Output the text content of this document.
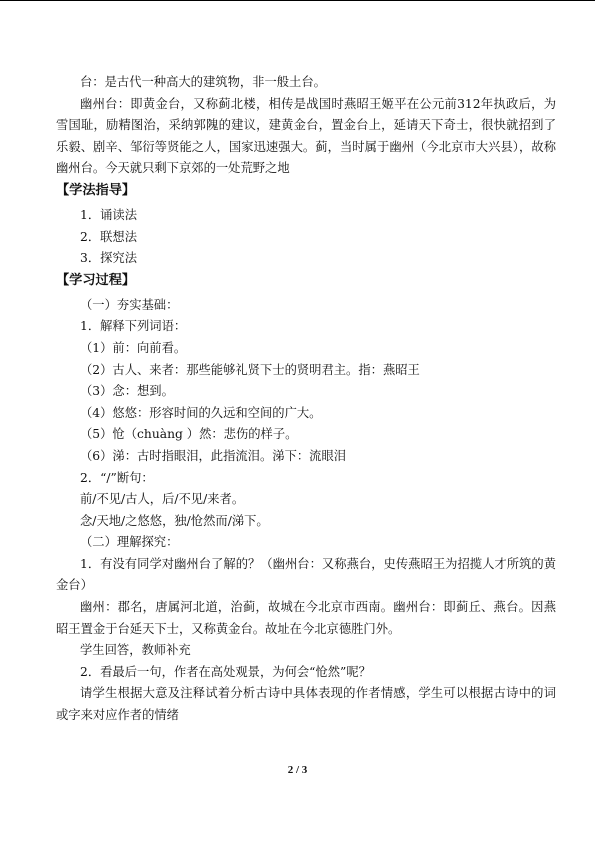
台：是古代一种高大的建筑物，非一般土台。

幽州台：即黄金台，又称蓟北楼，相传是战国时燕昭王姬平在公元前312年执政后，为雪国耻，励精图治，采纳郭隗的建议，建黄金台，置金台上，延请天下奇士，很快就招到了乐毅、剧辛、邹衍等贤能之人，国家迅速强大。蓟，当时属于幽州（今北京市大兴县），故称幽州台。今天就只剩下京郊的一处荒野之地

【学法指导】

1．诵读法

2．联想法

3．探究法

【学习过程】

（一）夯实基础：

1．解释下列词语：

（1）前：向前看。

（2）古人、来者：那些能够礼贤下士的贤明君主。指：燕昭王

（3）念：想到。

（4）悠悠：形容时间的久远和空间的广大。

（5）怆（chuàng ）然：悲伤的样子。

（6）涕：古时指眼泪，此指流泪。涕下：流眼泪

2．“/”断句：

前/不见/古人，后/不见/来者。

念/天地/之悠悠，独/怆然而/涕下。

（二）理解探究：

1．有没有同学对幽州台了解的？（幽州台：又称燕台，史传燕昭王为招揽人才所筑的黄金台）

幽州：郡名，唐属河北道，治蓟，故城在今北京市西南。幽州台：即蓟丘、燕台。因燕昭王置金于台延天下士，又称黄金台。故址在今北京德胜门外。

学生回答，教师补充

2．看最后一句，作者在高处观景，为何会“怆然”呢？

请学生根据大意及注释试着分析古诗中具体表现的作者情感，学生可以根据古诗中的词或字来对应作者的情绪

2 / 3
